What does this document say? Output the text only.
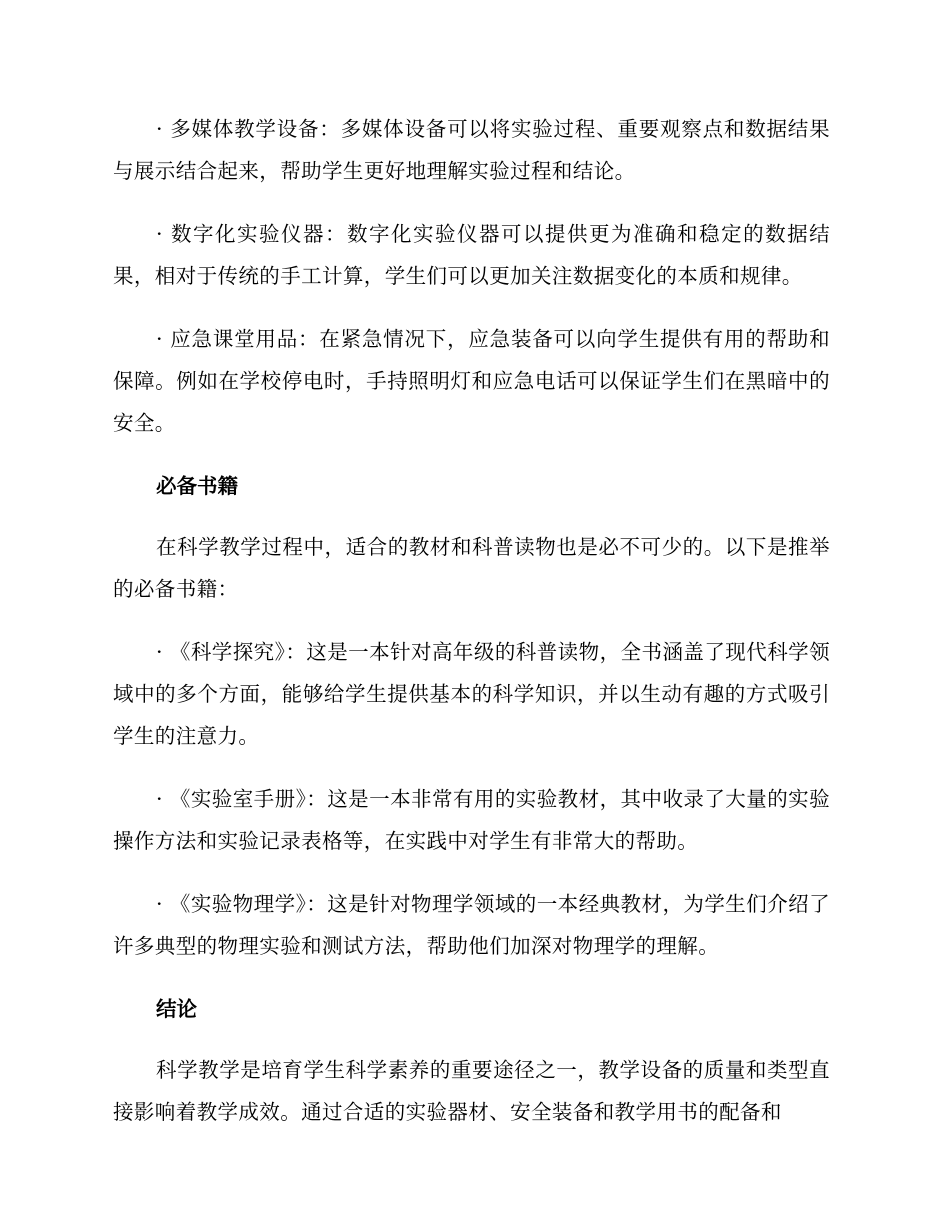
· 多媒体教学设备：多媒体设备可以将实验过程、重要观察点和数据结果与展示结合起来，帮助学生更好地理解实验过程和结论。

· 数字化实验仪器：数字化实验仪器可以提供更为准确和稳定的数据结果，相对于传统的手工计算，学生们可以更加关注数据变化的本质和规律。

· 应急课堂用品：在紧急情况下，应急装备可以向学生提供有用的帮助和保障。例如在学校停电时，手持照明灯和应急电话可以保证学生们在黑暗中的安全。

必备书籍

在科学教学过程中，适合的教材和科普读物也是必不可少的。以下是推举的必备书籍：

· 《科学探究》：这是一本针对高年级的科普读物，全书涵盖了现代科学领域中的多个方面，能够给学生提供基本的科学知识，并以生动有趣的方式吸引学生的注意力。

· 《实验室手册》：这是一本非常有用的实验教材，其中收录了大量的实验操作方法和实验记录表格等，在实践中对学生有非常大的帮助。

· 《实验物理学》：这是针对物理学领域的一本经典教材，为学生们介绍了许多典型的物理实验和测试方法，帮助他们加深对物理学的理解。

结论

科学教学是培育学生科学素养的重要途径之一，教学设备的质量和类型直接影响着教学成效。通过合适的实验器材、安全装备和教学用书的配备和
